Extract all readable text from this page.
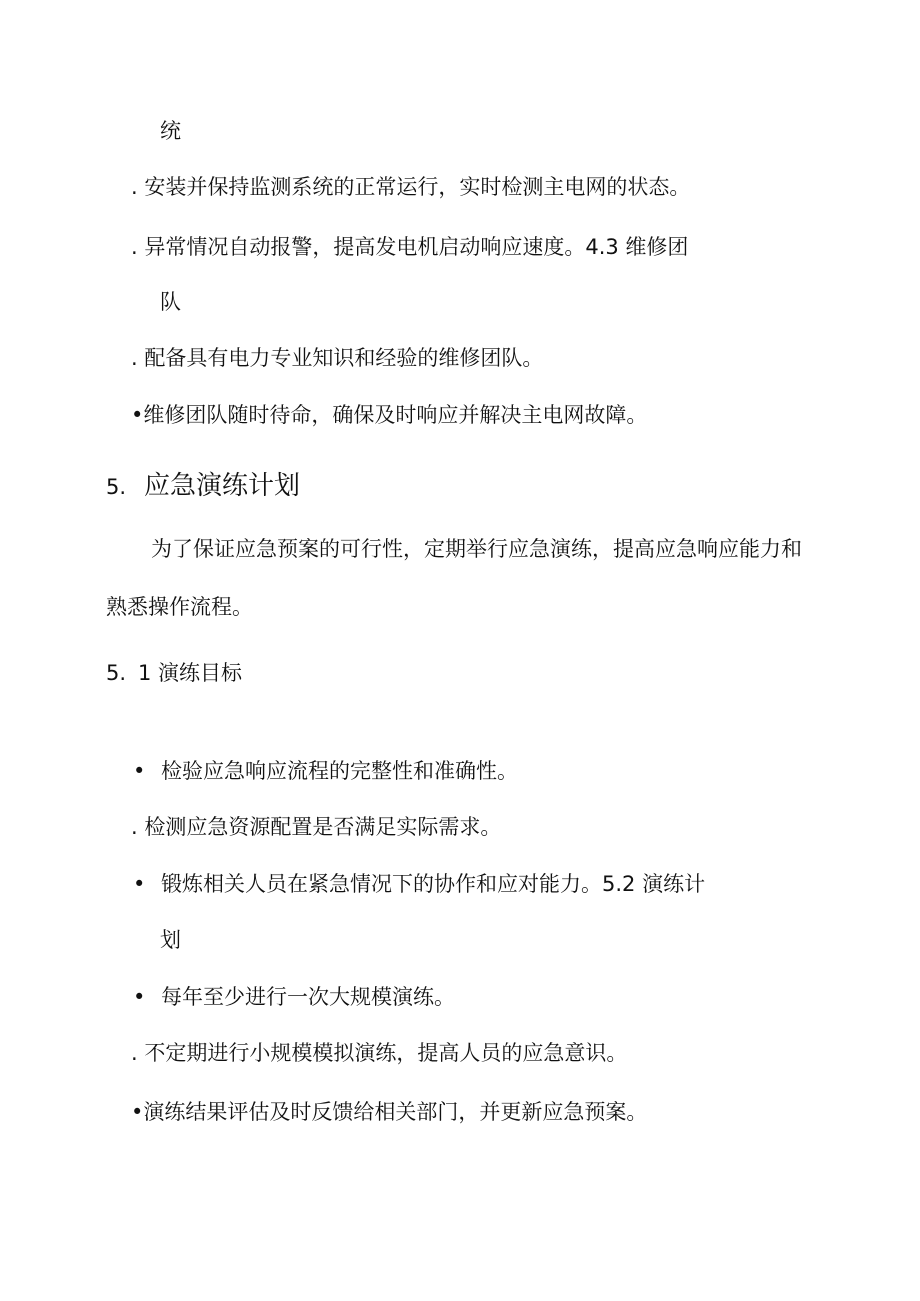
统
. 安装并保持监测系统的正常运行，实时检测主电网的状态。
. 异常情况自动报警，提高发电机启动响应速度。4.3 维修团
队
. 配备具有电力专业知识和经验的维修团队。
•维修团队随时待命，确保及时响应并解决主电网故障。
5. 应急演练计划
为了保证应急预案的可行性，定期举行应急演练，提高应急响应能力和
熟悉操作流程。
5. 1 演练目标
• 检验应急响应流程的完整性和准确性。
. 检测应急资源配置是否满足实际需求。
• 锻炼相关人员在紧急情况下的协作和应对能力。5.2 演练计
划
• 每年至少进行一次大规模演练。
. 不定期进行小规模模拟演练，提高人员的应急意识。
•演练结果评估及时反馈给相关部门，并更新应急预案。
